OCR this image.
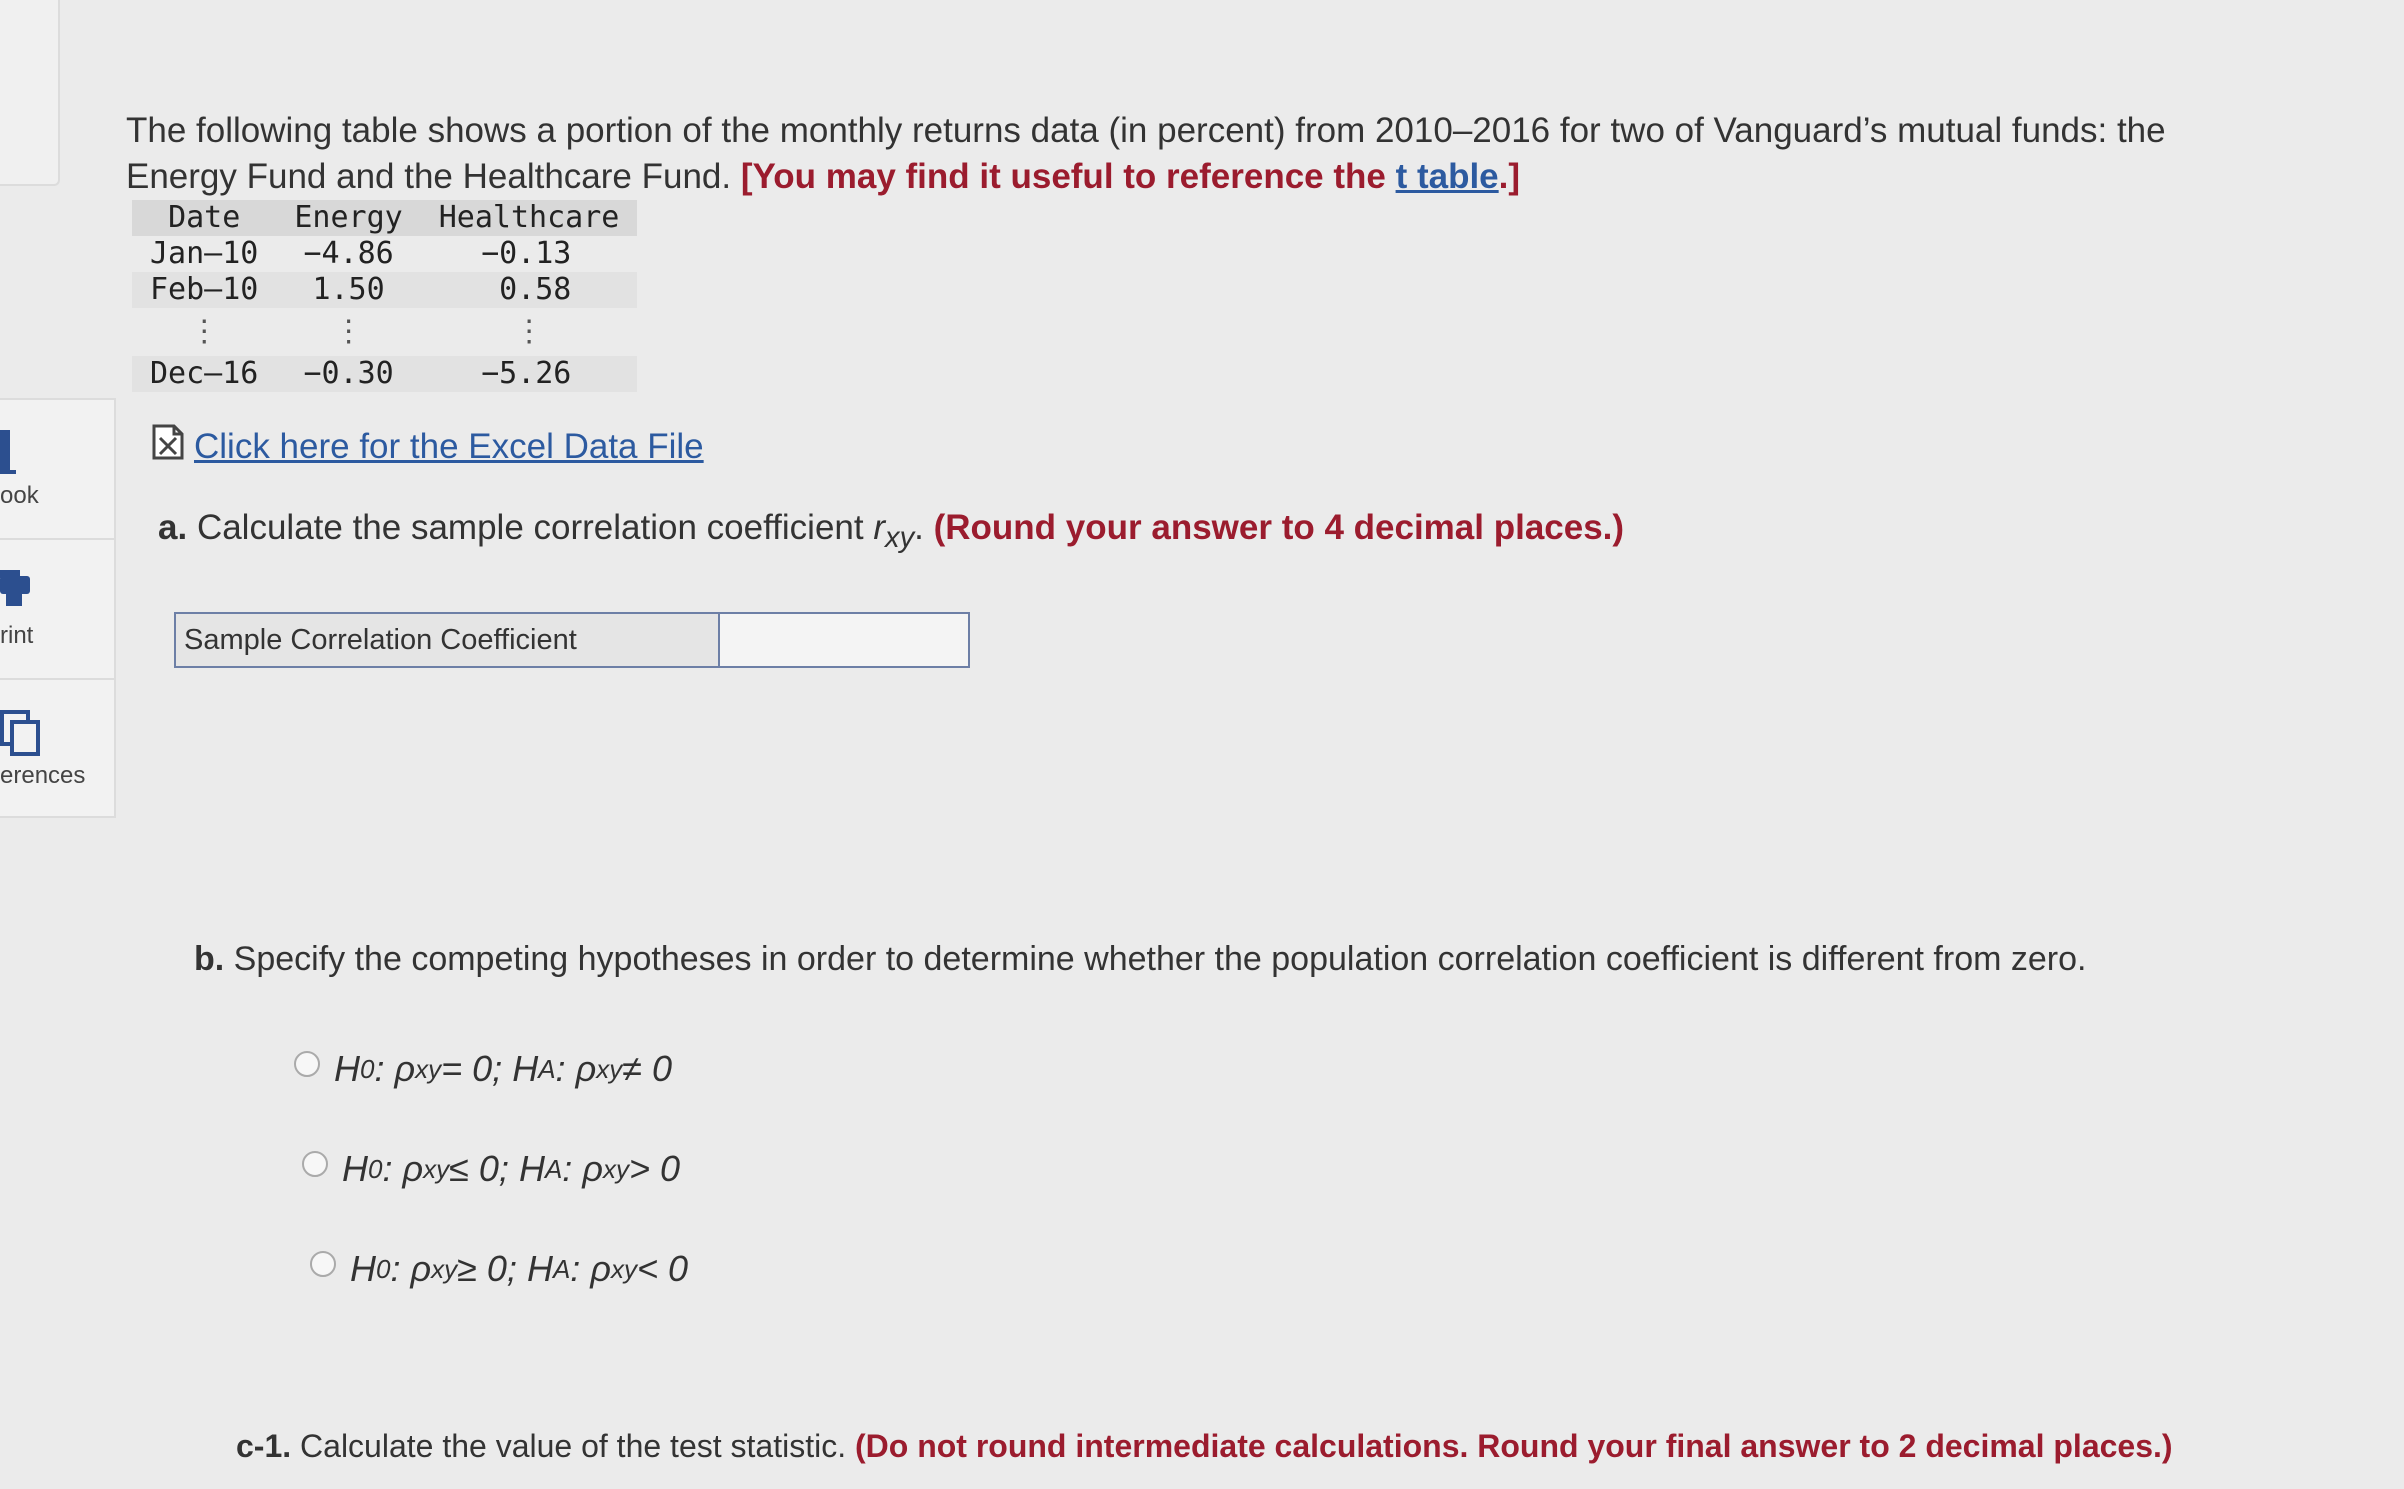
ook
rint
erences
The following table shows a portion of the monthly returns data (in percent) from 2010–2016 for two of Vanguard’s mutual funds: the Energy Fund and the Healthcare Fund. [You may find it useful to reference the t table.]
Date	Energy	Healthcare
Jan–10	−4.86	−0.13
Feb–10	1.50	0.58
⋮	⋮	⋮
Dec–16	−0.30	−5.26
Click here for the Excel Data File
a. Calculate the sample correlation coefficient $r_{xy}$. (Round your answer to 4 decimal places.)
Sample Correlation Coefficient
b. Specify the competing hypotheses in order to determine whether the population correlation coefficient is different from zero.
H 0 :
ρ xy = 0;
H A :
ρ xy ≠ 0
H 0 :
ρ xy ≤ 0;
H A :
ρ xy > 0
H 0 :
ρ xy ≥ 0;
H A :
ρ xy < 0
c-1. Calculate the value of the test statistic. (Do not round intermediate calculations. Round your final answer to 2 decimal places.)
